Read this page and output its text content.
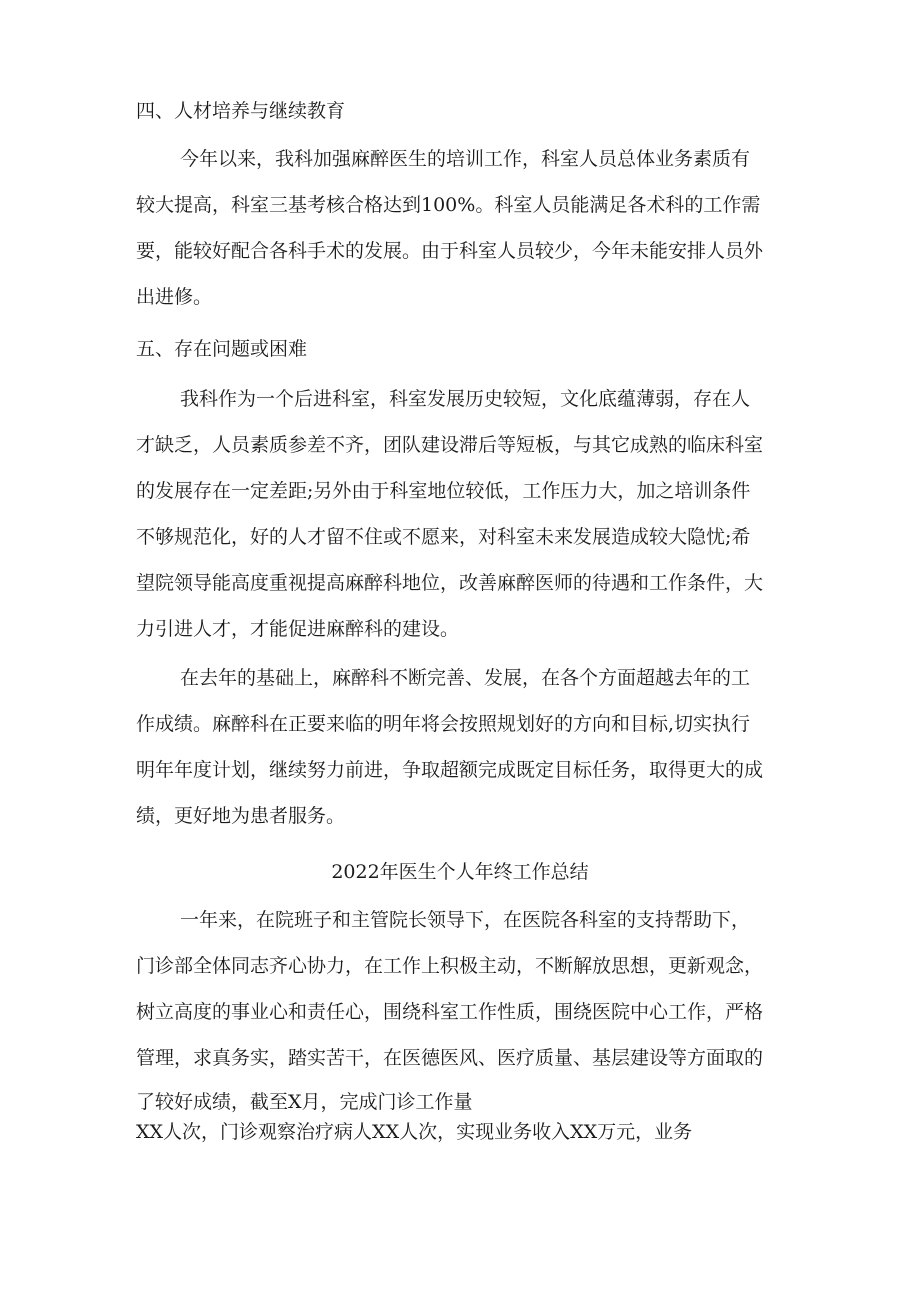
四、人材培养与继续教育
今年以来，我科加强麻醉医生的培训工作，科室人员总体业务素质有
较大提高，科室三基考核合格达到100%。科室人员能满足各术科的工作需
要，能较好配合各科手术的发展。由于科室人员较少，今年未能安排人员外
出进修。
五、存在问题或困难
我科作为一个后进科室，科室发展历史较短，文化底蕴薄弱，存在人
才缺乏，人员素质参差不齐，团队建设滞后等短板，与其它成熟的临床科室
的发展存在一定差距;另外由于科室地位较低，工作压力大，加之培训条件
不够规范化，好的人才留不住或不愿来，对科室未来发展造成较大隐忧;希
望院领导能高度重视提高麻醉科地位，改善麻醉医师的待遇和工作条件，大
力引进人才，才能促进麻醉科的建设。
在去年的基础上，麻醉科不断完善、发展，在各个方面超越去年的工
作成绩。麻醉科在正要来临的明年将会按照规划好的方向和目标,切实执行
明年年度计划，继续努力前进，争取超额完成既定目标任务，取得更大的成
绩，更好地为患者服务。
2022年医生个人年终工作总结
一年来，在院班子和主管院长领导下，在医院各科室的支持帮助下，
门诊部全体同志齐心协力，在工作上积极主动，不断解放思想，更新观念，
树立高度的事业心和责任心，围绕科室工作性质，围绕医院中心工作，严格
管理，求真务实，踏实苦干，在医德医风、医疗质量、基层建设等方面取的
了较好成绩，截至X月，完成门诊工作量
XX人次，门诊观察治疗病人XX人次，实现业务收入XX万元，业务
